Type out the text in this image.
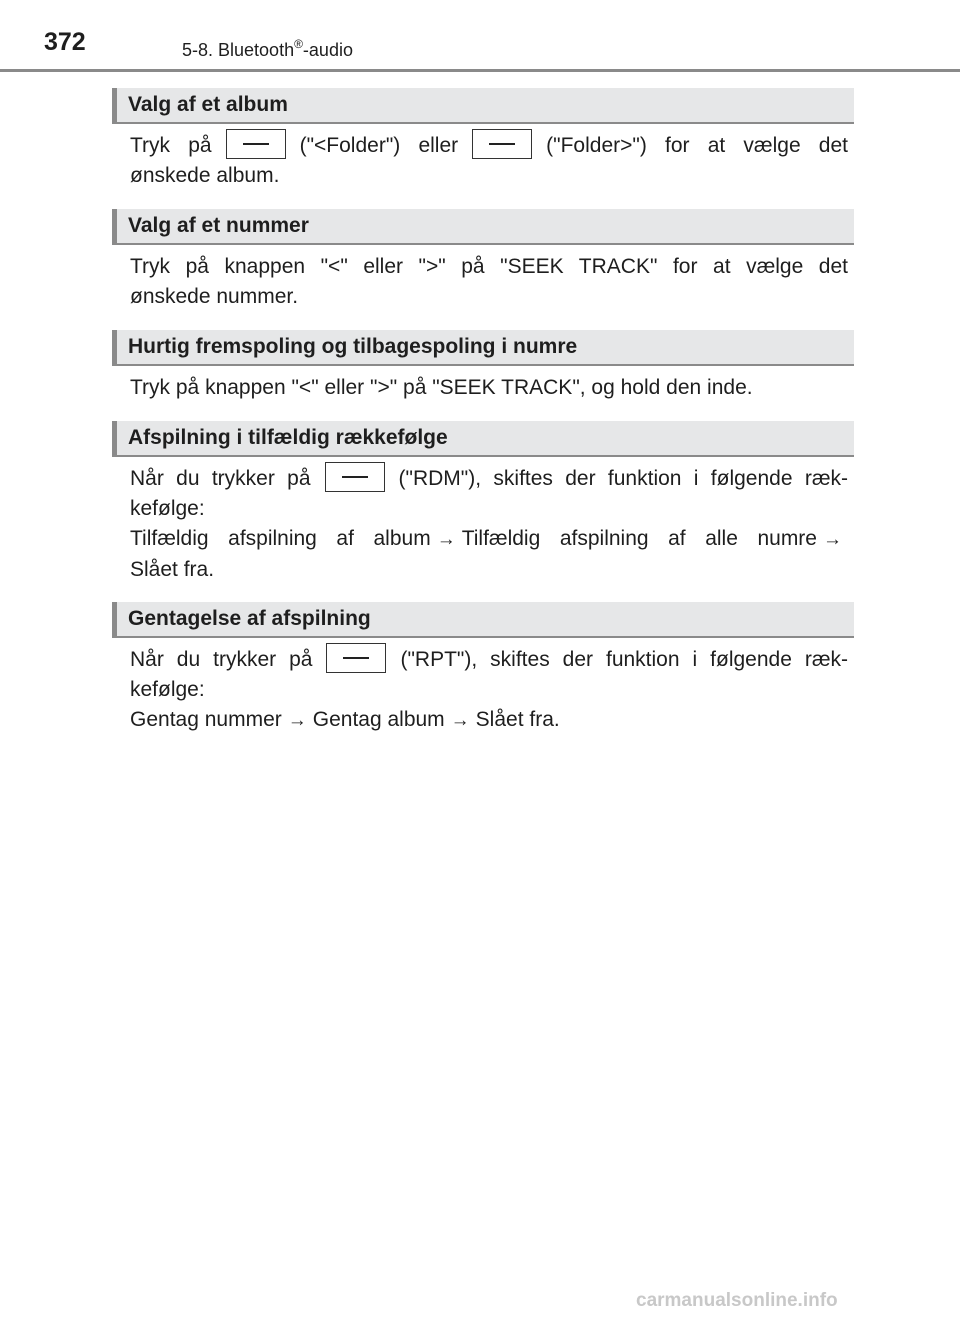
372	5-8. Bluetooth®-audio
Valg af et album
Tryk på	("<Folder") eller	("Folder>") for at vælge det
ønskede album.
Valg af et nummer
Tryk på knappen "<" eller ">" på "SEEK TRACK" for at vælge det
ønskede nummer.
Hurtig fremspoling og tilbagespoling i numre
Tryk på knappen "<" eller ">" på "SEEK TRACK", og hold den inde.
Afspilning i tilfældig rækkefølge
Når du trykker på	("RDM"), skiftes der funktion i følgende ræk-
kefølge:
Tilfældig afspilning af album → Tilfældig afspilning af alle numre →
Slået fra.
Gentagelse af afspilning
Når du trykker på	("RPT"), skiftes der funktion i følgende ræk-
kefølge:
Gentag nummer → Gentag album → Slået fra.
carmanualsonline.info
